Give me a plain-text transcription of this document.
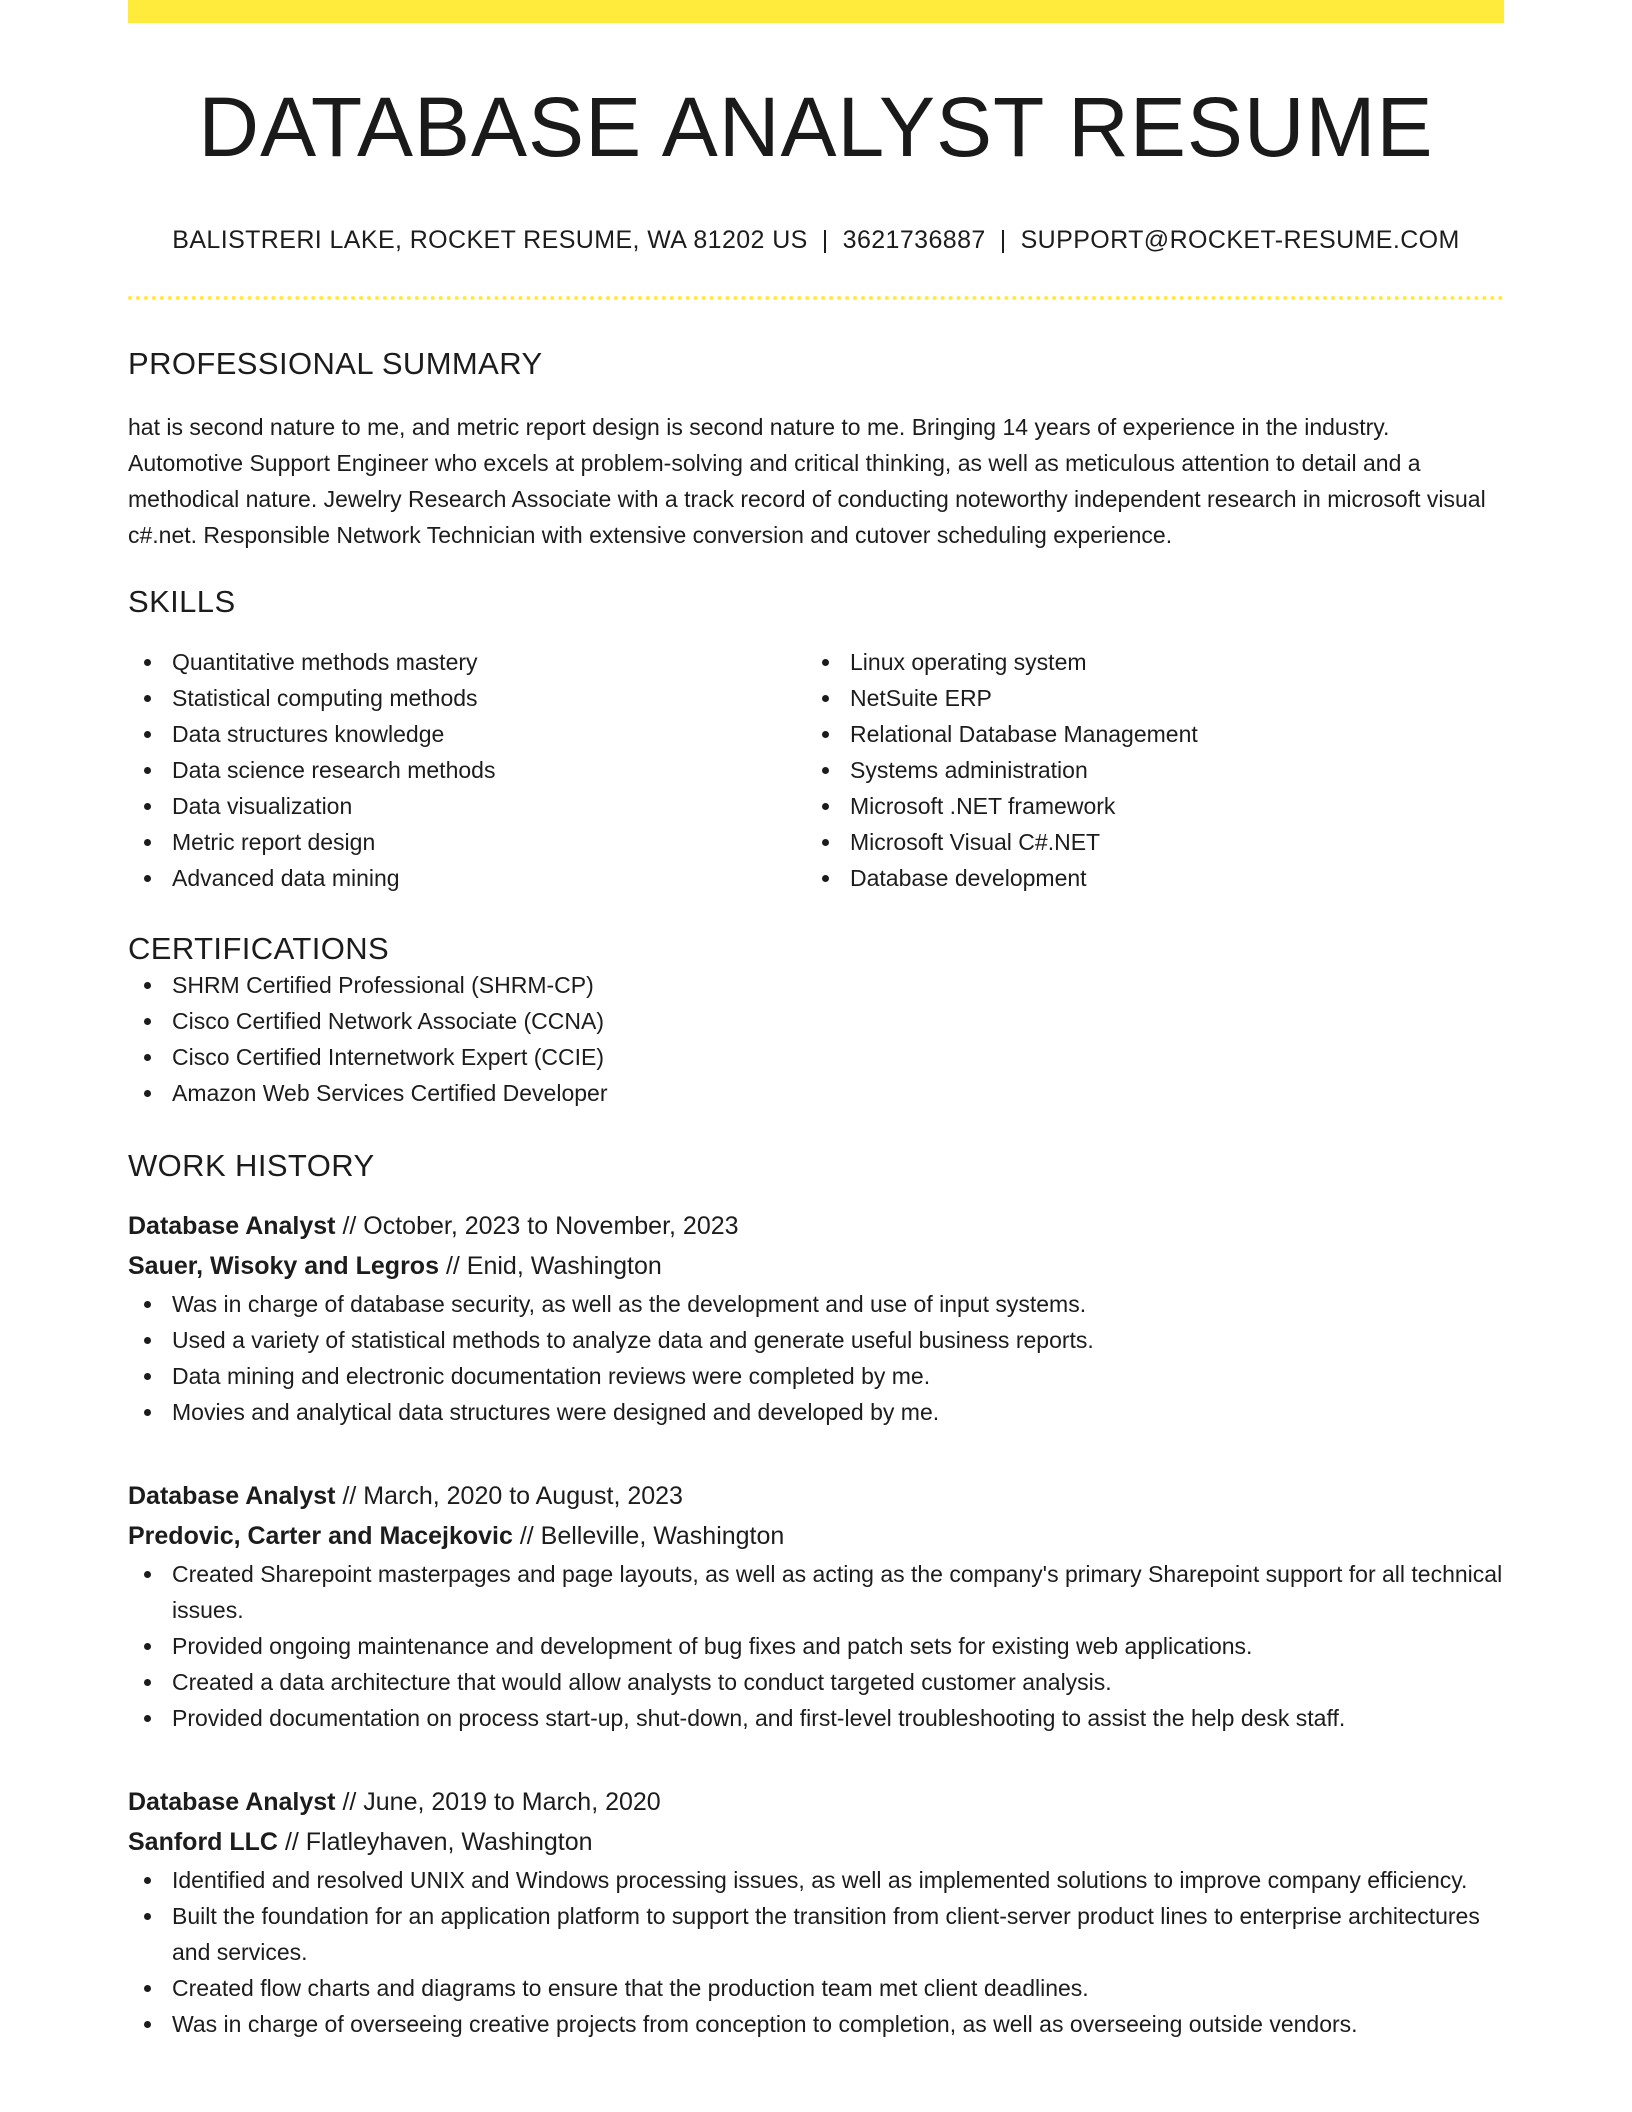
DATABASE ANALYST RESUME
BALISTRERI LAKE, ROCKET RESUME, WA 81202 US | 3621736887 | SUPPORT@ROCKET-RESUME.COM
PROFESSIONAL SUMMARY

hat is second nature to me, and metric report design is second nature to me. Bringing 14 years of experience in the industry. Automotive Support Engineer who excels at problem-solving and critical thinking, as well as meticulous attention to detail and a methodical nature. Jewelry Research Associate with a track record of conducting noteworthy independent research in microsoft visual c#.net. Responsible Network Technician with extensive conversion and cutover scheduling experience.

SKILLS
Quantitative methods mastery
Statistical computing methods
Data structures knowledge
Data science research methods
Data visualization
Metric report design
Advanced data mining
Linux operating system
NetSuite ERP
Relational Database Management
Systems administration
Microsoft .NET framework
Microsoft Visual C#.NET
Database development
CERTIFICATIONS
SHRM Certified Professional (SHRM-CP)
Cisco Certified Network Associate (CCNA)
Cisco Certified Internetwork Expert (CCIE)
Amazon Web Services Certified Developer
WORK HISTORY
Database Analyst // October, 2023 to November, 2023
Sauer, Wisoky and Legros // Enid, Washington
Was in charge of database security, as well as the development and use of input systems.
Used a variety of statistical methods to analyze data and generate useful business reports.
Data mining and electronic documentation reviews were completed by me.
Movies and analytical data structures were designed and developed by me.
Database Analyst // March, 2020 to August, 2023
Predovic, Carter and Macejkovic // Belleville, Washington
Created Sharepoint masterpages and page layouts, as well as acting as the company's primary Sharepoint support for all technical issues.
Provided ongoing maintenance and development of bug fixes and patch sets for existing web applications.
Created a data architecture that would allow analysts to conduct targeted customer analysis.
Provided documentation on process start-up, shut-down, and first-level troubleshooting to assist the help desk staff.
Database Analyst // June, 2019 to March, 2020
Sanford LLC // Flatleyhaven, Washington
Identified and resolved UNIX and Windows processing issues, as well as implemented solutions to improve company efficiency.
Built the foundation for an application platform to support the transition from client-server product lines to enterprise architectures and services.
Created flow charts and diagrams to ensure that the production team met client deadlines.
Was in charge of overseeing creative projects from conception to completion, as well as overseeing outside vendors.
